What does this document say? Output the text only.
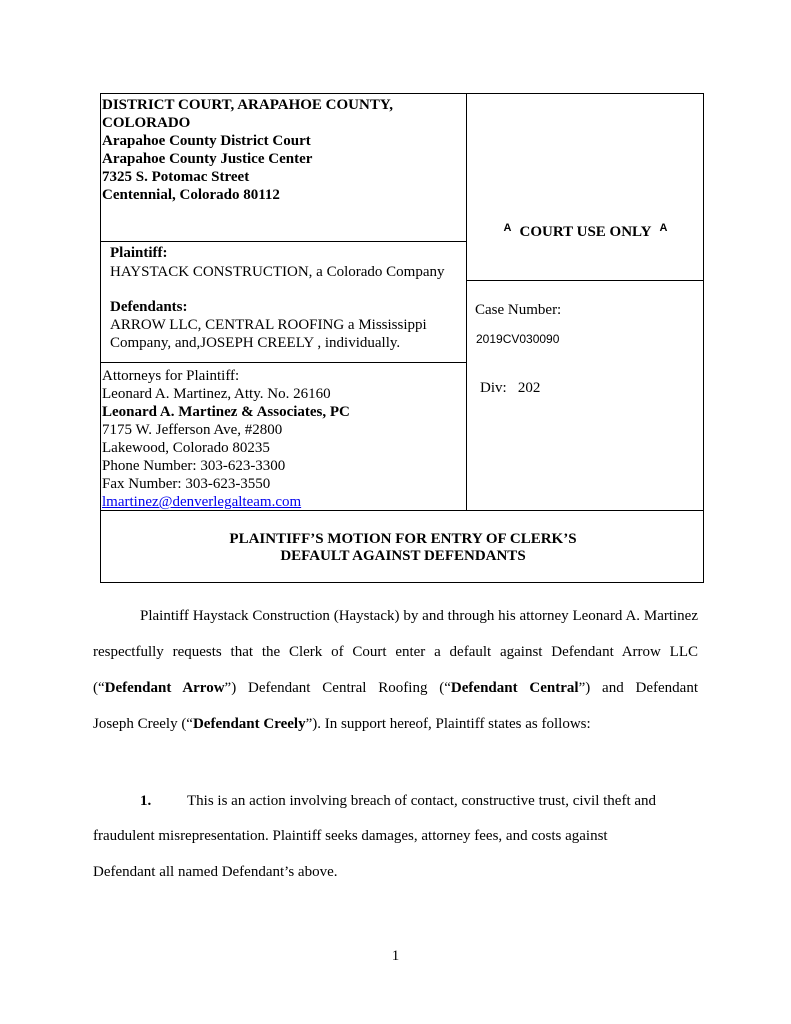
DISTRICT COURT, ARAPAHOE COUNTY,
COLORADO
Arapahoe County District Court
Arapahoe County Justice Center
7325 S. Potomac Street
Centennial, Colorado 80112
Plaintiff:
HAYSTACK CONSTRUCTION, a Colorado Company
Defendants:
ARROW LLC, CENTRAL ROOFING a Mississippi
Company, and,JOSEPH CREELY , individually.
Attorneys for Plaintiff:
Leonard A. Martinez, Atty. No. 26160
Leonard A. Martinez & Associates, PC
7175 W. Jefferson Ave, #2800
Lakewood, Colorado 80235
Phone Number: 303-623-3300
Fax Number: 303-623-3550
lmartinez@denverlegalteam.com
$^A$ COURT USE ONLY $^A$
Case Number:
2019CV030090
Div: 202
PLAINTIFF’S MOTION FOR ENTRY OF CLERK’S
DEFAULT AGAINST DEFENDANTS
Plaintiff Haystack Construction (Haystack) by and through his attorney Leonard A. Martinez
respectfully requests that the Clerk of Court enter a default against Defendant Arrow LLC
(“Defendant Arrow”) Defendant Central Roofing (“Defendant Central”) and Defendant
Joseph Creely (“Defendant Creely”). In support hereof, Plaintiff states as follows:
1.	This is an action involving breach of contact, constructive trust, civil theft and
fraudulent misrepresentation. Plaintiff seeks damages, attorney fees, and costs against
Defendant all named Defendant’s above.
1
